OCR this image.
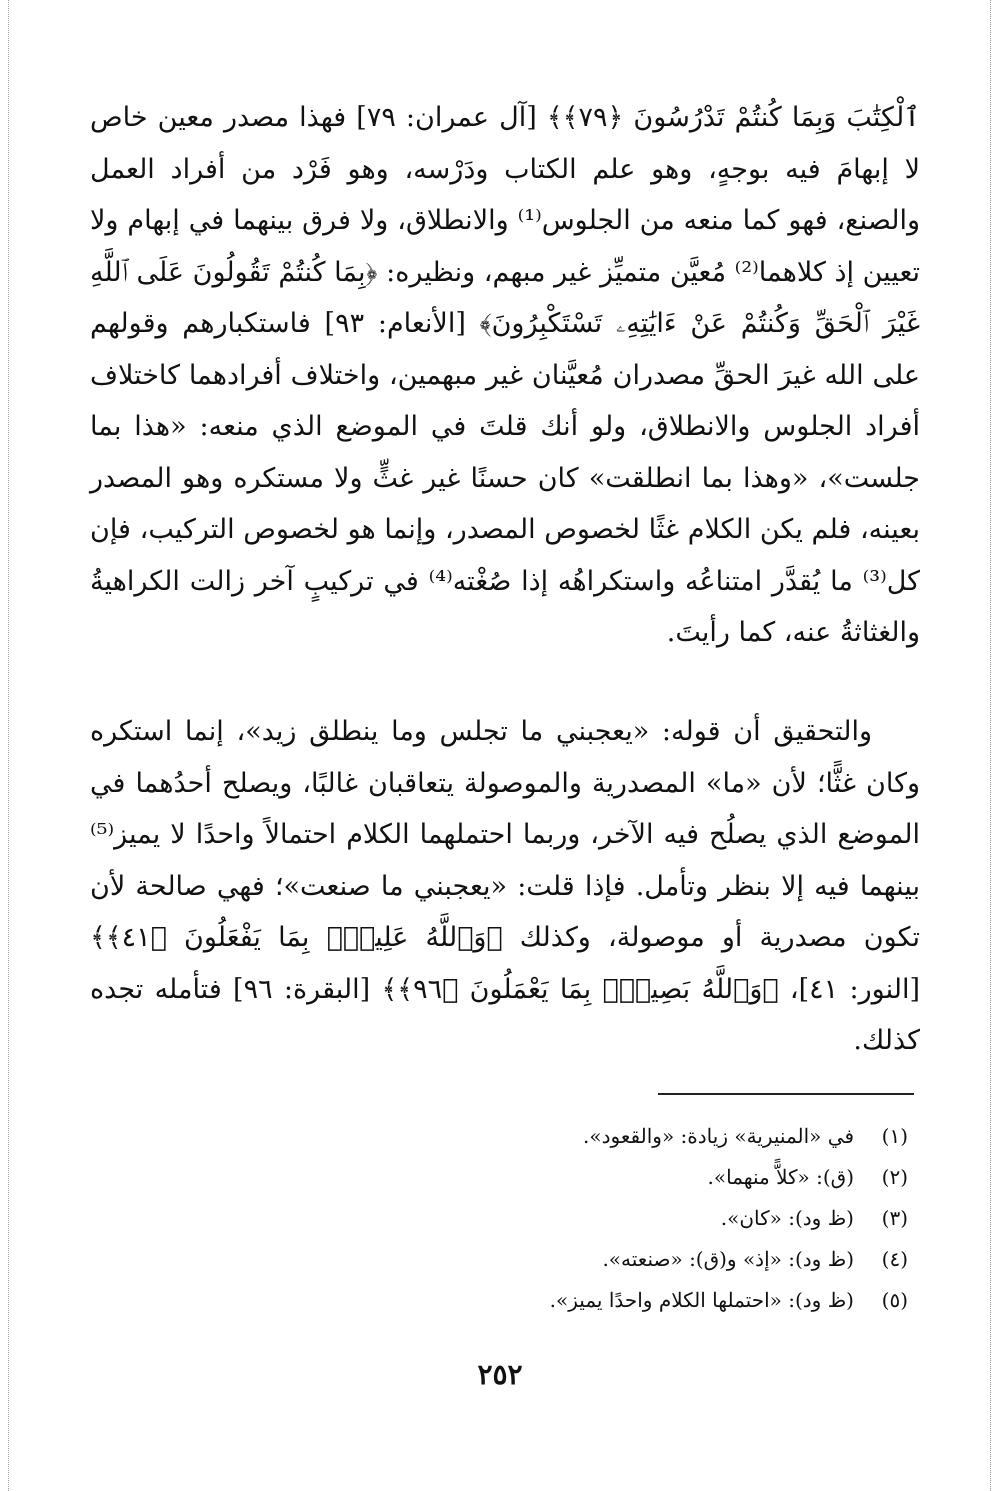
ٱلْكِتَٰبَ وَبِمَا كُنتُمْ تَدْرُسُونَ ﴿٧٩﴾﴾ [آل عمران: ٧٩] فهذا مصدر معين خاص لا إبهامَ فيه بوجهٍ، وهو علم الكتاب ودَرْسه، وهو فَرْد من أفراد العمل والصنع، فهو كما منعه من الجلوس⁽¹⁾ والانطلاق، ولا فرق بينهما في إبهام ولا تعيين إذ كلاهما⁽²⁾ مُعيَّن متميِّز غير مبهم، ونظيره: ﴿بِمَا كُنتُمْ تَقُولُونَ عَلَى ٱللَّهِ غَيْرَ ٱلْحَقِّ وَكُنتُمْ عَنْ ءَايَٰتِهِۦ تَسْتَكْبِرُونَ﴾ [الأنعام: ٩٣] فاستكبارهم وقولهم على الله غيرَ الحقِّ مصدران مُعيَّنان غير مبهمين، واختلاف أفرادهما كاختلاف أفراد الجلوس والانطلاق، ولو أنك قلتَ في الموضع الذي منعه: «هذا بما جلست»، «وهذا بما انطلقت» كان حسنًا غير غثٍّ ولا مستكره وهو المصدر بعينه، فلم يكن الكلام غثًا لخصوص المصدر، وإنما هو لخصوص التركيب، فإن كل⁽³⁾ ما يُقدَّر امتناعُه واستكراهُه إذا صُغْته⁽⁴⁾ في تركيبٍ آخر زالت الكراهيةُ والغثاثةُ عنه، كما رأيتَ.

والتحقيق أن قوله: «يعجبني ما تجلس وما ينطلق زيد»، إنما استكره وكان غثًّا؛ لأن «ما» المصدرية والموصولة يتعاقبان غالبًا، ويصلح أحدُهما في الموضع الذي يصلُح فيه الآخر، وربما احتملهما الكلام احتمالاً واحدًا لا يميز⁽⁵⁾ بينهما فيه إلا بنظر وتأمل. فإذا قلت: «يعجبني ما صنعت»؛ فهي صالحة لأن تكون مصدرية أو موصولة، وكذلك ﴿وَٱللَّهُ عَلِيمٌۢ بِمَا يَفْعَلُونَ ﴿٤١﴾﴾ [النور: ٤١]، ﴿وَٱللَّهُ بَصِيرٌۢ بِمَا يَعْمَلُونَ ﴿٩٦﴾﴾ [البقرة: ٩٦] فتأمله تجده كذلك.

(١)
في «المنيرية» زيادة: «والقعود».
(٢)
(ق): «كلاًّ منهما».
(٣)
(ظ ود): «كان».
(٤)
(ظ ود): «إذ» و(ق): «صنعته».
(٥)
(ظ ود): «احتملها الكلام واحدًا يميز».
٢٥٢
